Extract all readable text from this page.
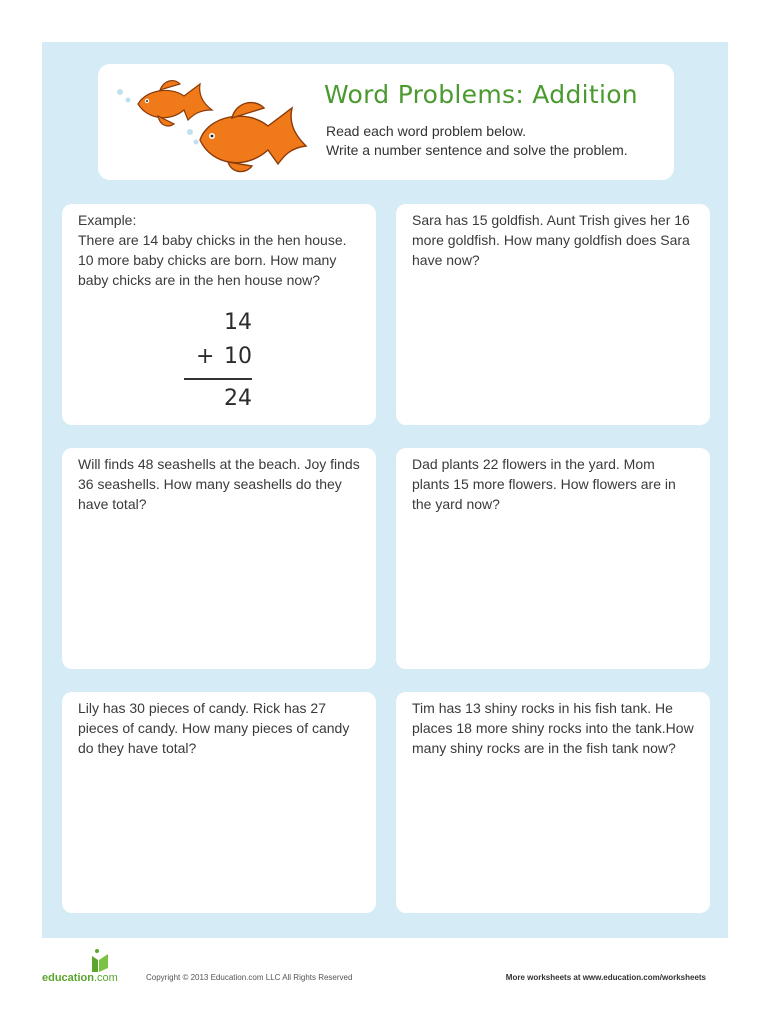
Word Problems: Addition
Read each word problem below.
Write a number sentence and solve the problem.

Example:
There are 14 baby chicks in the hen house. 10 more baby chicks are born. How many baby chicks are in the hen house now?

14
+ 10
24

Sara has 15 goldfish. Aunt Trish gives her 16 more goldfish. How many goldfish does Sara have now?

Will finds 48 seashells at the beach. Joy finds 36 seashells. How many seashells do they have total?

Dad plants 22 flowers in the yard. Mom plants 15 more flowers. How flowers are in the yard now?

Lily has 30 pieces of candy. Rick has 27 pieces of candy. How many pieces of candy do they have total?

Tim has 13 shiny rocks in his fish tank. He places 18 more shiny rocks into the tank.How many shiny rocks are in the fish tank now?

education.com	Copyright © 2013 Education.com LLC All Rights Reserved	More worksheets at www.education.com/worksheets
